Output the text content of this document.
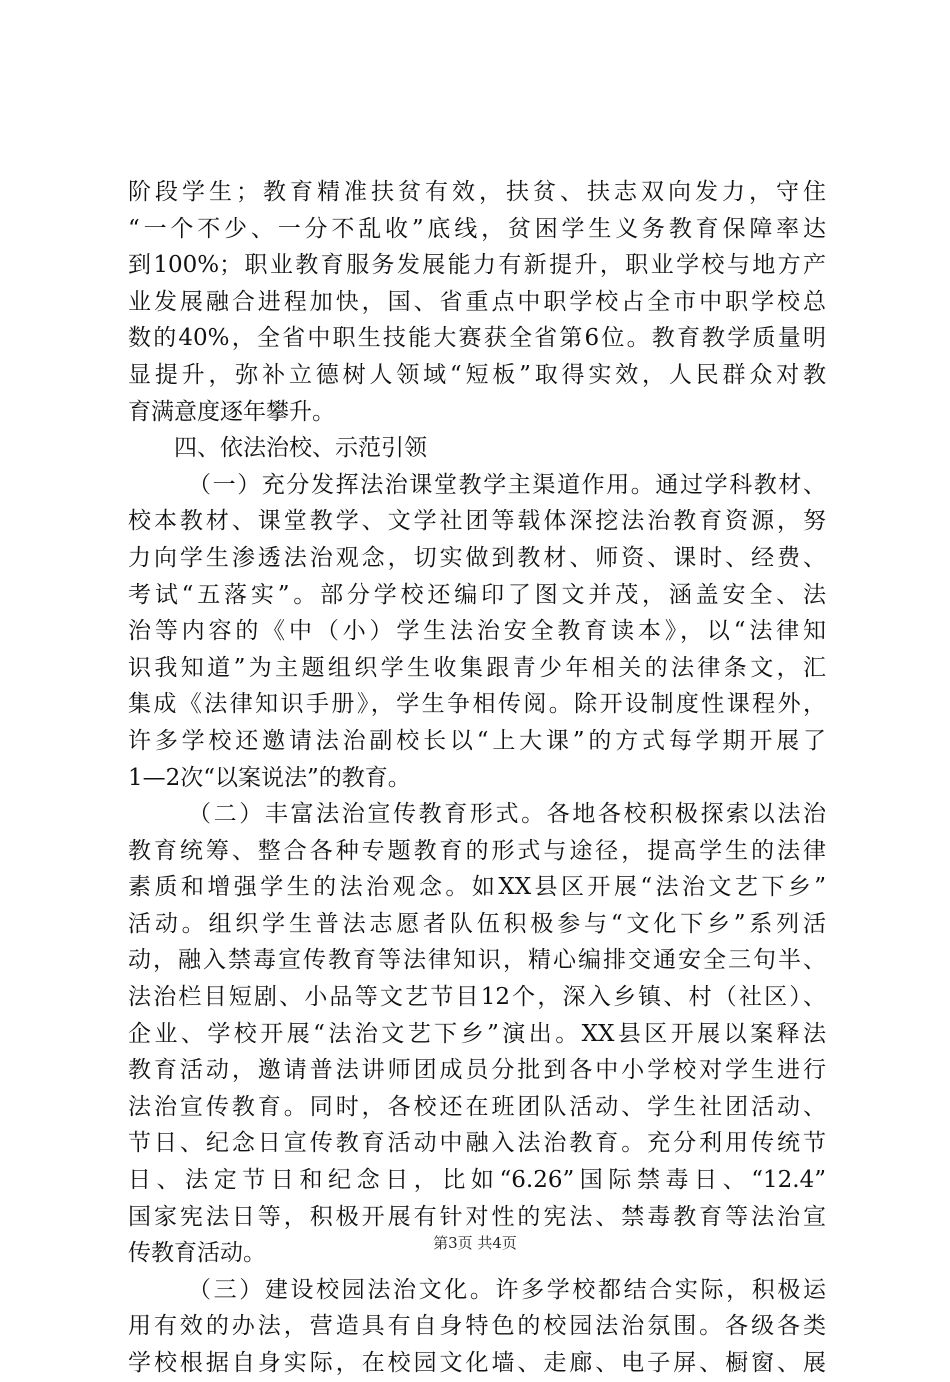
阶段学生；教育精准扶贫有效，扶贫、扶志双向发力，守住
“一个不少、一分不乱收”底线，贫困学生义务教育保障率达
到100%；职业教育服务发展能力有新提升，职业学校与地方产
业发展融合进程加快，国、省重点中职学校占全市中职学校总
数的40%，全省中职生技能大赛获全省第6位。教育教学质量明
显提升，弥补立德树人领域“短板”取得实效，人民群众对教
育满意度逐年攀升。
四、依法治校、示范引领
（一）充分发挥法治课堂教学主渠道作用。通过学科教材、
校本教材、课堂教学、文学社团等载体深挖法治教育资源，努
力向学生渗透法治观念，切实做到教材、师资、课时、经费、
考试“五落实”。部分学校还编印了图文并茂，涵盖安全、法
治等内容的《中（小）学生法治安全教育读本》，以“法律知
识我知道”为主题组织学生收集跟青少年相关的法律条文，汇
集成《法律知识手册》，学生争相传阅。除开设制度性课程外，
许多学校还邀请法治副校长以“上大课”的方式每学期开展了
1—2次“以案说法”的教育。
（二）丰富法治宣传教育形式。各地各校积极探索以法治
教育统筹、整合各种专题教育的形式与途径，提高学生的法律
素质和增强学生的法治观念。如XX县区开展“法治文艺下乡”
活动。组织学生普法志愿者队伍积极参与“文化下乡”系列活
动，融入禁毒宣传教育等法律知识，精心编排交通安全三句半、
法治栏目短剧、小品等文艺节目12个，深入乡镇、村（社区）、
企业、学校开展“法治文艺下乡”演出。XX县区开展以案释法
教育活动，邀请普法讲师团成员分批到各中小学校对学生进行
法治宣传教育。同时，各校还在班团队活动、学生社团活动、
节日、纪念日宣传教育活动中融入法治教育。充分利用传统节
日、法定节日和纪念日，比如“6.26”国际禁毒日、“12.4”
国家宪法日等，积极开展有针对性的宪法、禁毒教育等法治宣
传教育活动。
（三）建设校园法治文化。许多学校都结合实际，积极运
用有效的办法，营造具有自身特色的校园法治氛围。各级各类
学校根据自身实际，在校园文化墙、走廊、电子屏、橱窗、展
第3页 共4页
